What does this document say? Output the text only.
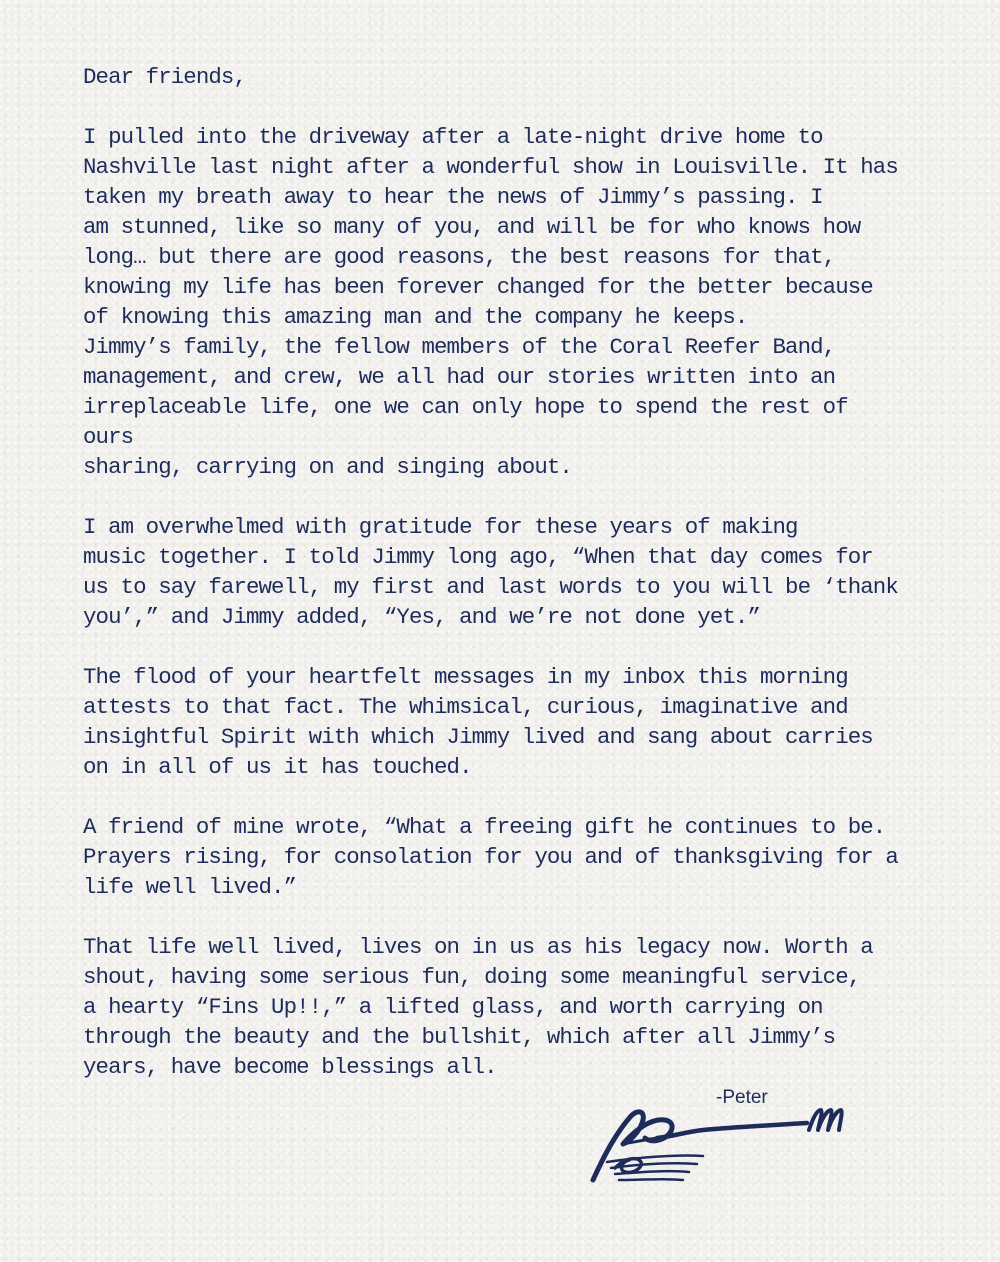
Dear friends,

I pulled into the driveway after a late-night drive home to
Nashville last night after a wonderful show in Louisville. It has
taken my breath away to hear the news of Jimmy’s passing. I
am stunned, like so many of you, and will be for who knows how
long… but there are good reasons, the best reasons for that,
knowing my life has been forever changed for the better because
of knowing this amazing man and the company he keeps.
Jimmy’s family, the fellow members of the Coral Reefer Band,
management, and crew, we all had our stories written into an
irreplaceable life, one we can only hope to spend the rest of ours
sharing, carrying on and singing about.

I am overwhelmed with gratitude for these years of making
music together. I told Jimmy long ago, “When that day comes for
us to say farewell, my first and last words to you will be ‘thank
you’,” and Jimmy added, “Yes, and we’re not done yet.”

The flood of your heartfelt messages in my inbox this morning
attests to that fact. The whimsical, curious, imaginative and
insightful Spirit with which Jimmy lived and sang about carries
on in all of us it has touched.

A friend of mine wrote, “What a freeing gift he continues to be.
Prayers rising, for consolation for you and of thanksgiving for a
life well lived.”

That life well lived, lives on in us as his legacy now. Worth a
shout, having some serious fun, doing some meaningful service,
a hearty “Fins Up!!,” a lifted glass, and worth carrying on
through the beauty and the bullshit, which after all Jimmy’s
years, have become blessings all.

-Peter
